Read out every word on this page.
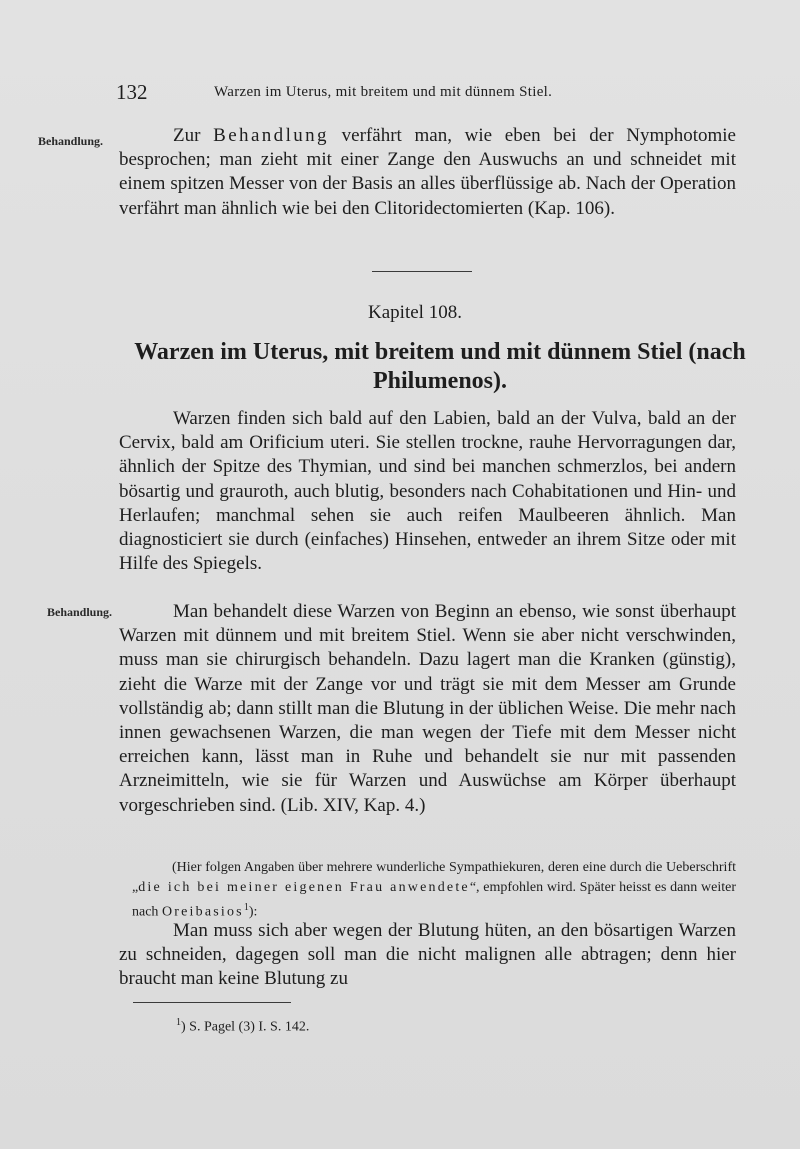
132	Warzen im Uterus, mit breitem und mit dünnem Stiel.
Behandlung.	Zur Behandlung verfährt man, wie eben bei der Nymphotomie besprochen; man zieht mit einer Zange den Auswuchs an und schneidet mit einem spitzen Messer von der Basis an alles überflüssige ab. Nach der Operation verfährt man ähnlich wie bei den Clitoridectomierten (Kap. 106).
Kapitel 108.
Warzen im Uterus, mit breitem und mit dünnem Stiel (nach Philumenos).
Warzen finden sich bald auf den Labien, bald an der Vulva, bald an der Cervix, bald am Orificium uteri. Sie stellen trockne, rauhe Hervorragungen dar, ähnlich der Spitze des Thymian, und sind bei manchen schmerzlos, bei andern bösartig und grauroth, auch blutig, besonders nach Cohabitationen und Hin- und Herlaufen; manchmal sehen sie auch reifen Maulbeeren ähnlich. Man diagnosticiert sie durch (einfaches) Hinsehen, entweder an ihrem Sitze oder mit Hilfe des Spiegels.
Behandlung.	Man behandelt diese Warzen von Beginn an ebenso, wie sonst überhaupt Warzen mit dünnem und mit breitem Stiel. Wenn sie aber nicht verschwinden, muss man sie chirurgisch behandeln. Dazu lagert man die Kranken (günstig), zieht die Warze mit der Zange vor und trägt sie mit dem Messer am Grunde vollständig ab; dann stillt man die Blutung in der üblichen Weise. Die mehr nach innen gewachsenen Warzen, die man wegen der Tiefe mit dem Messer nicht erreichen kann, lässt man in Ruhe und behandelt sie nur mit passenden Arzneimitteln, wie sie für Warzen und Auswüchse am Körper überhaupt vorgeschrieben sind. (Lib. XIV, Kap. 4.)
(Hier folgen Angaben über mehrere wunderliche Sympathiekuren, deren eine durch die Ueberschrift „die ich bei meiner eigenen Frau anwendete“, empfohlen wird. Später heisst es dann weiter nach Oreibasios$^1$):
Man muss sich aber wegen der Blutung hüten, an den bösartigen Warzen zu schneiden, dagegen soll man die nicht malignen alle abtragen; denn hier braucht man keine Blutung zu
$^1$) S. Pagel (3) I. S. 142.
